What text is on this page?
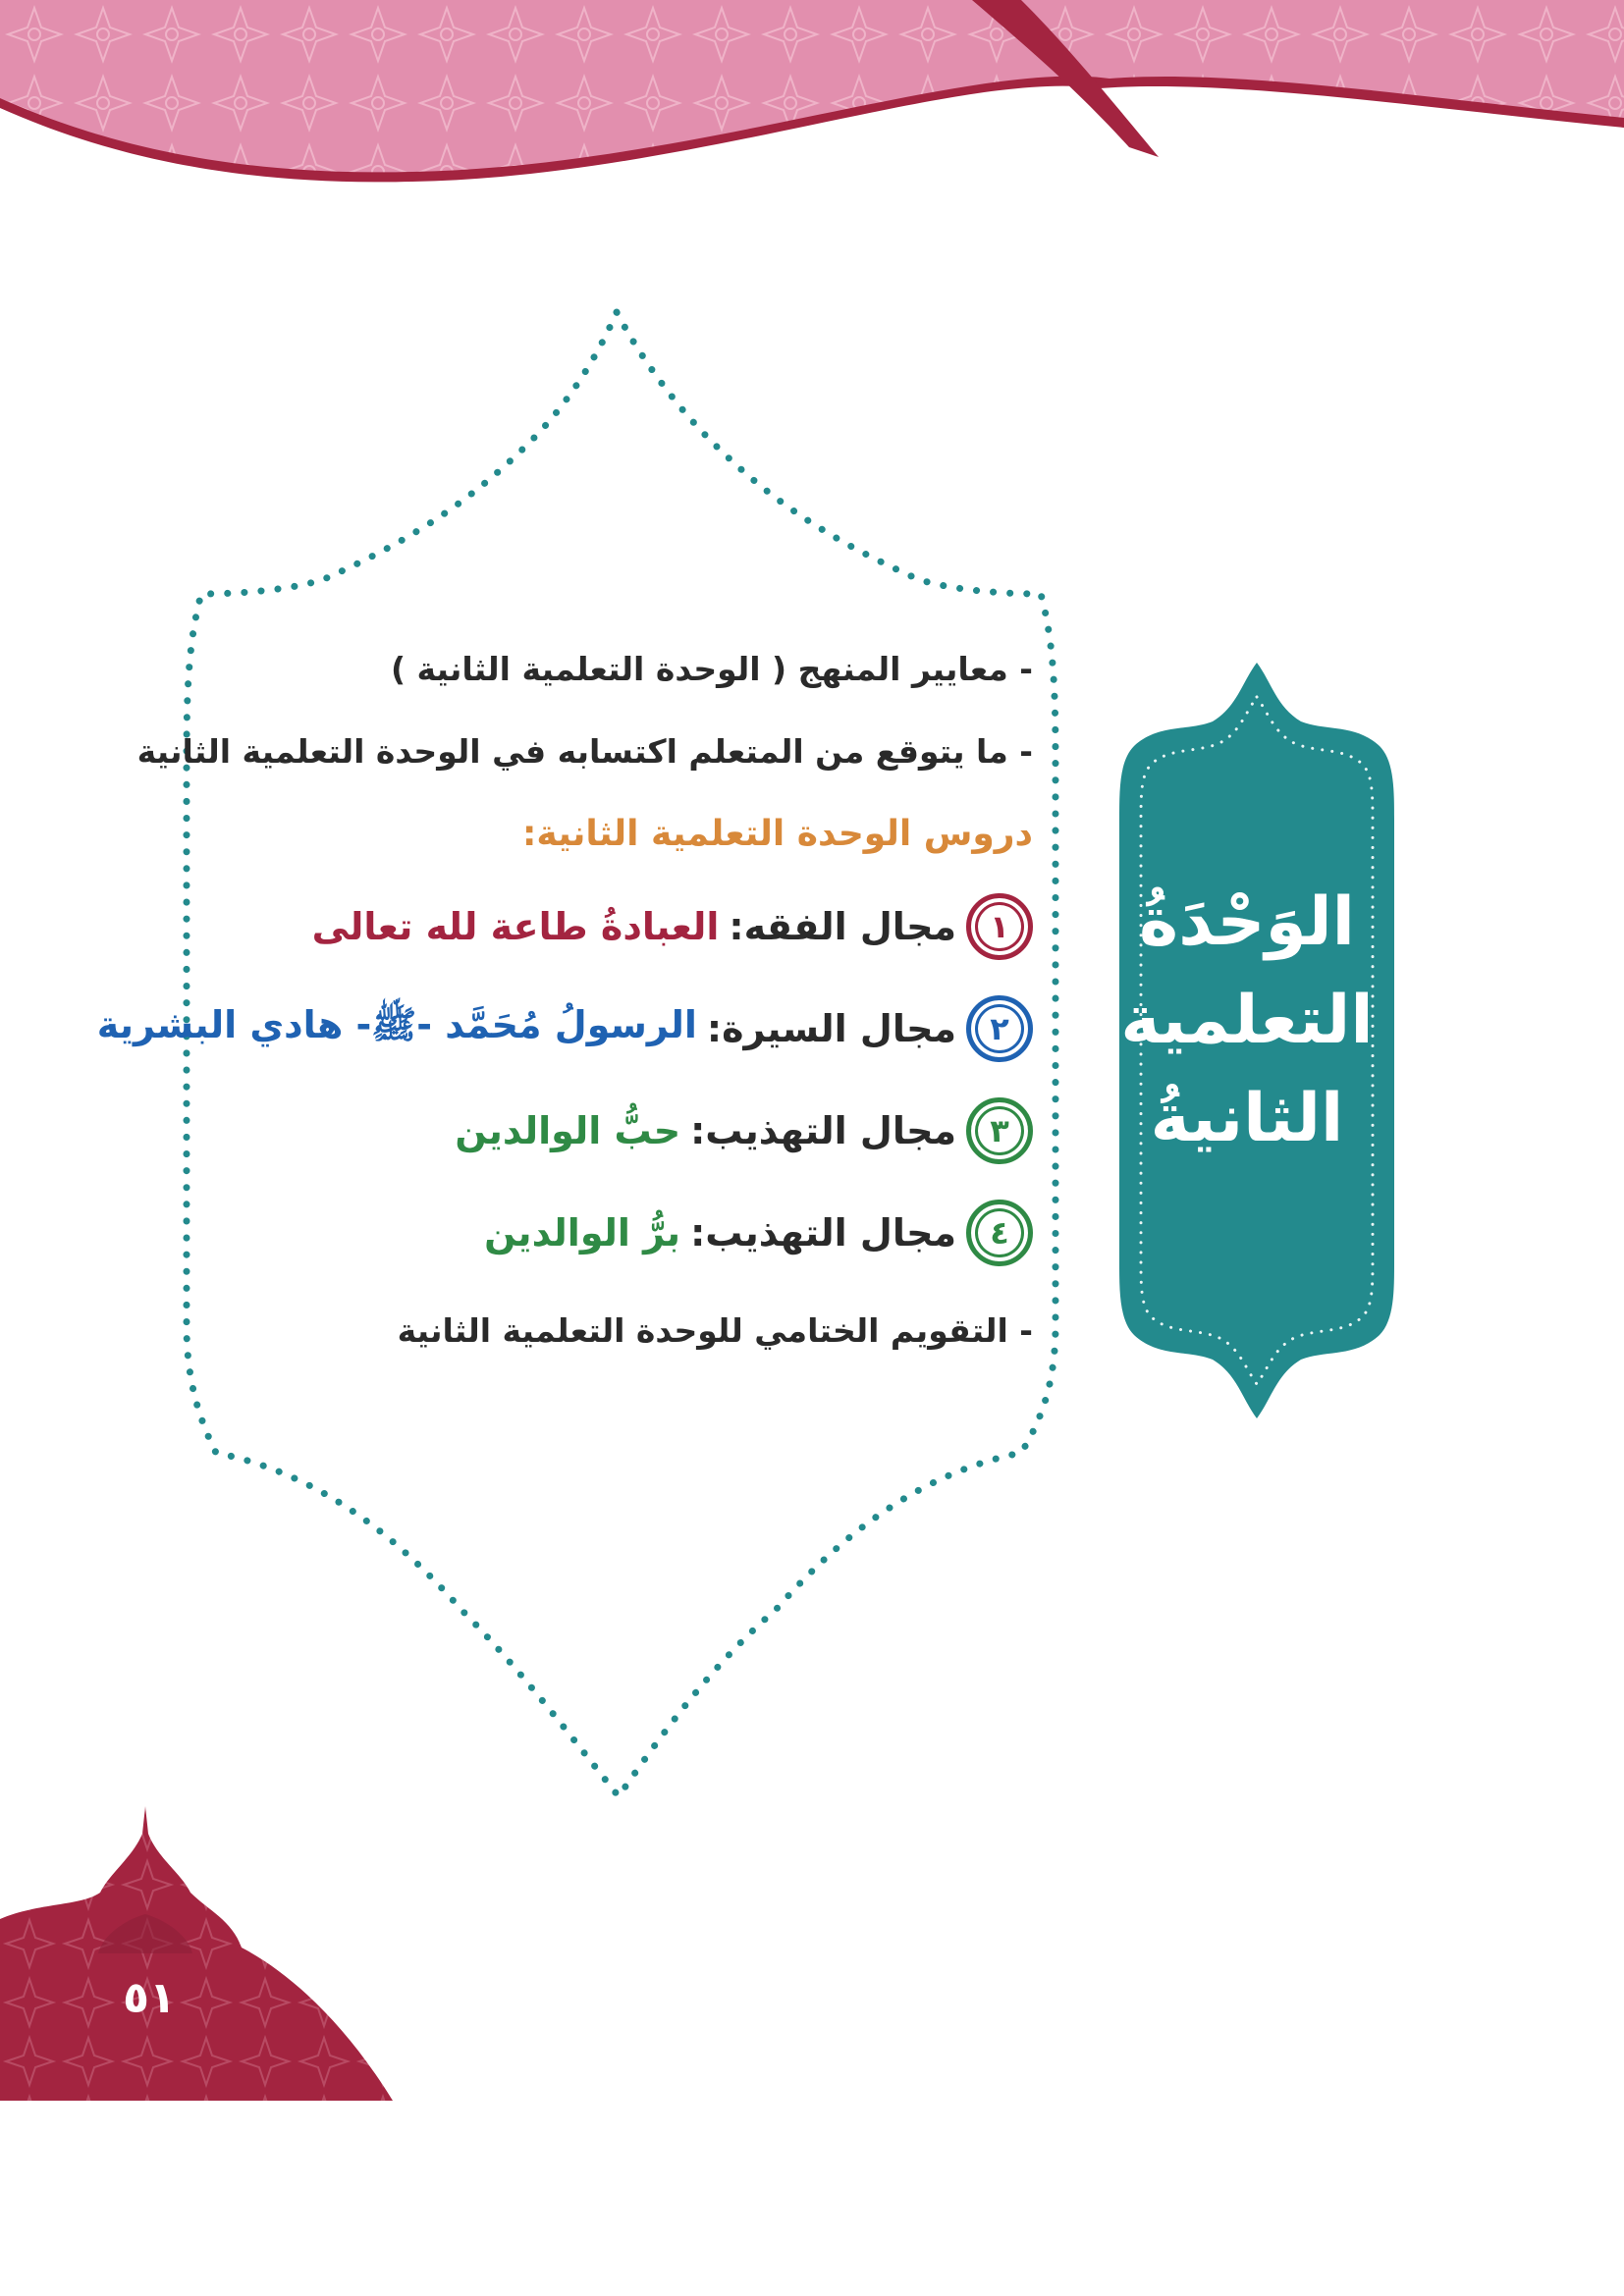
الوَحْدَةُ
التعلمية
الثانيةُ
- معايير المنهج ( الوحدة التعلمية الثانية )
- ما يتوقع من المتعلم اكتسابه في الوحدة التعلمية الثانية
دروس الوحدة التعلمية الثانية:
١
مجال الفقه:
العبادةُ طاعة لله تعالى
٢
مجال السيرة:
الرسولُ مُحَمَّد -ﷺ- هادي البشرية
٣
مجال التهذيب:
حبُّ الوالدين
٤
مجال التهذيب:
برُّ الوالدين
- التقويم الختامي للوحدة التعلمية الثانية
٥١
